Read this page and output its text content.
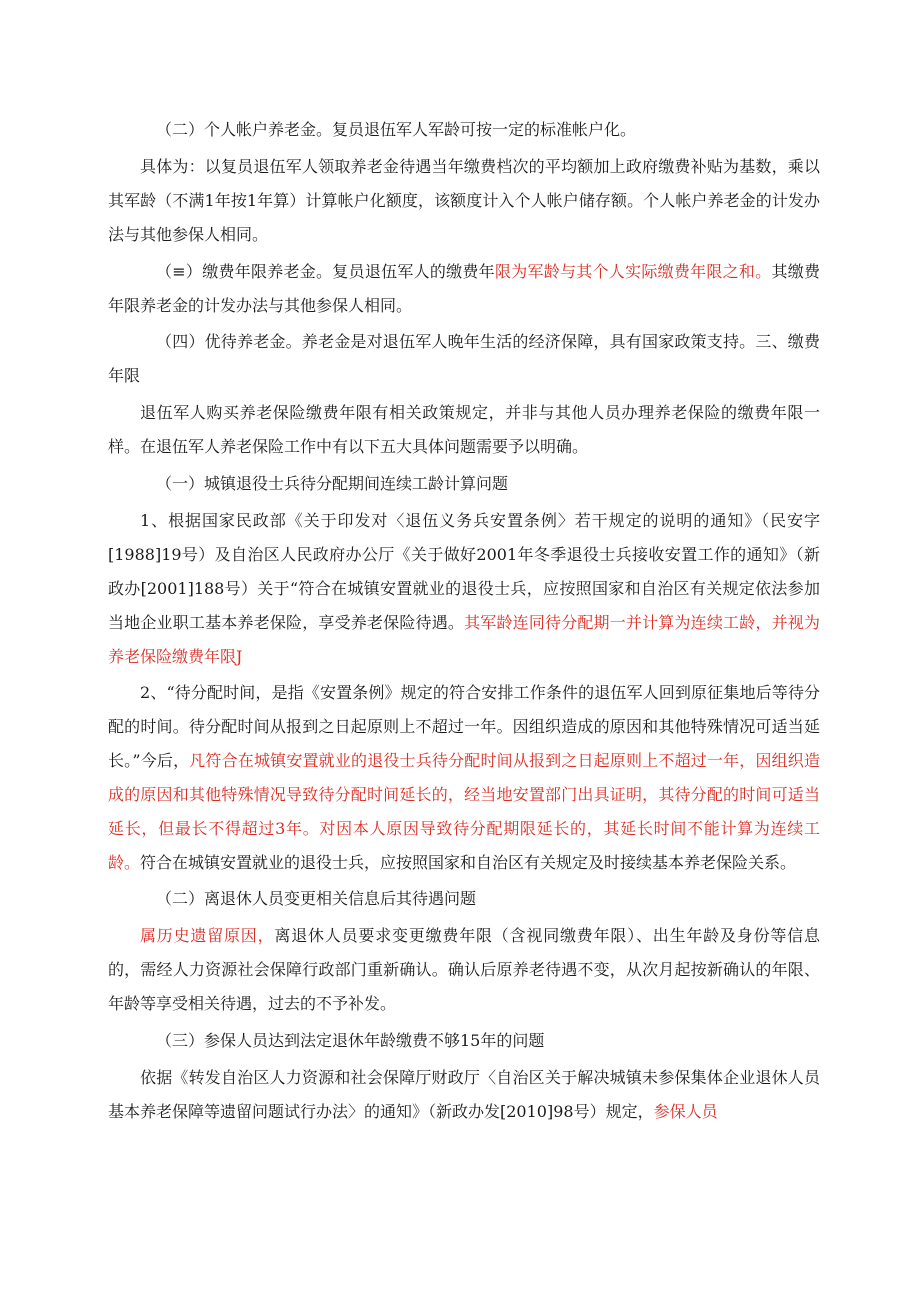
（二）个人帐户养老金。复员退伍军人军龄可按一定的标准帐户化。

具体为：以复员退伍军人领取养老金待遇当年缴费档次的平均额加上政府缴费补贴为基数，乘以其军龄（不满1年按1年算）计算帐户化额度，该额度计入个人帐户储存额。个人帐户养老金的计发办法与其他参保人相同。

（≡）缴费年限养老金。复员退伍军人的缴费年限为军龄与其个人实际缴费年限之和。其缴费年限养老金的计发办法与其他参保人相同。

（四）优待养老金。养老金是对退伍军人晚年生活的经济保障，具有国家政策支持。三、缴费年限

退伍军人购买养老保险缴费年限有相关政策规定，并非与其他人员办理养老保险的缴费年限一样。在退伍军人养老保险工作中有以下五大具体问题需要予以明确。

（一）城镇退役士兵待分配期间连续工龄计算问题

1、根据国家民政部《关于印发对〈退伍义务兵安置条例〉若干规定的说明的通知》（民安字[1988]19号）及自治区人民政府办公厅《关于做好2001年冬季退役士兵接收安置工作的通知》（新政办[2001]188号）关于“符合在城镇安置就业的退役士兵，应按照国家和自治区有关规定依法参加当地企业职工基本养老保险，享受养老保险待遇。其军龄连同待分配期一并计算为连续工龄，并视为养老保险缴费年限J

2、“待分配时间，是指《安置条例》规定的符合安排工作条件的退伍军人回到原征集地后等待分配的时间。待分配时间从报到之日起原则上不超过一年。因组织造成的原因和其他特殊情况可适当延长。”今后，凡符合在城镇安置就业的退役士兵待分配时间从报到之日起原则上不超过一年，因组织造成的原因和其他特殊情况导致待分配时间延长的，经当地安置部门出具证明，其待分配的时间可适当延长，但最长不得超过3年。对因本人原因导致待分配期限延长的，其延长时间不能计算为连续工龄。符合在城镇安置就业的退役士兵，应按照国家和自治区有关规定及时接续基本养老保险关系。

（二）离退休人员变更相关信息后其待遇问题

属历史遗留原因，离退休人员要求变更缴费年限（含视同缴费年限）、出生年龄及身份等信息的，需经人力资源社会保障行政部门重新确认。确认后原养老待遇不变，从次月起按新确认的年限、年龄等享受相关待遇，过去的不予补发。

（三）参保人员达到法定退休年龄缴费不够15年的问题

依据《转发自治区人力资源和社会保障厅财政厅〈自治区关于解决城镇未参保集体企业退休人员基本养老保障等遗留问题试行办法〉的通知》（新政办发[2010]98号）规定，参保人员
